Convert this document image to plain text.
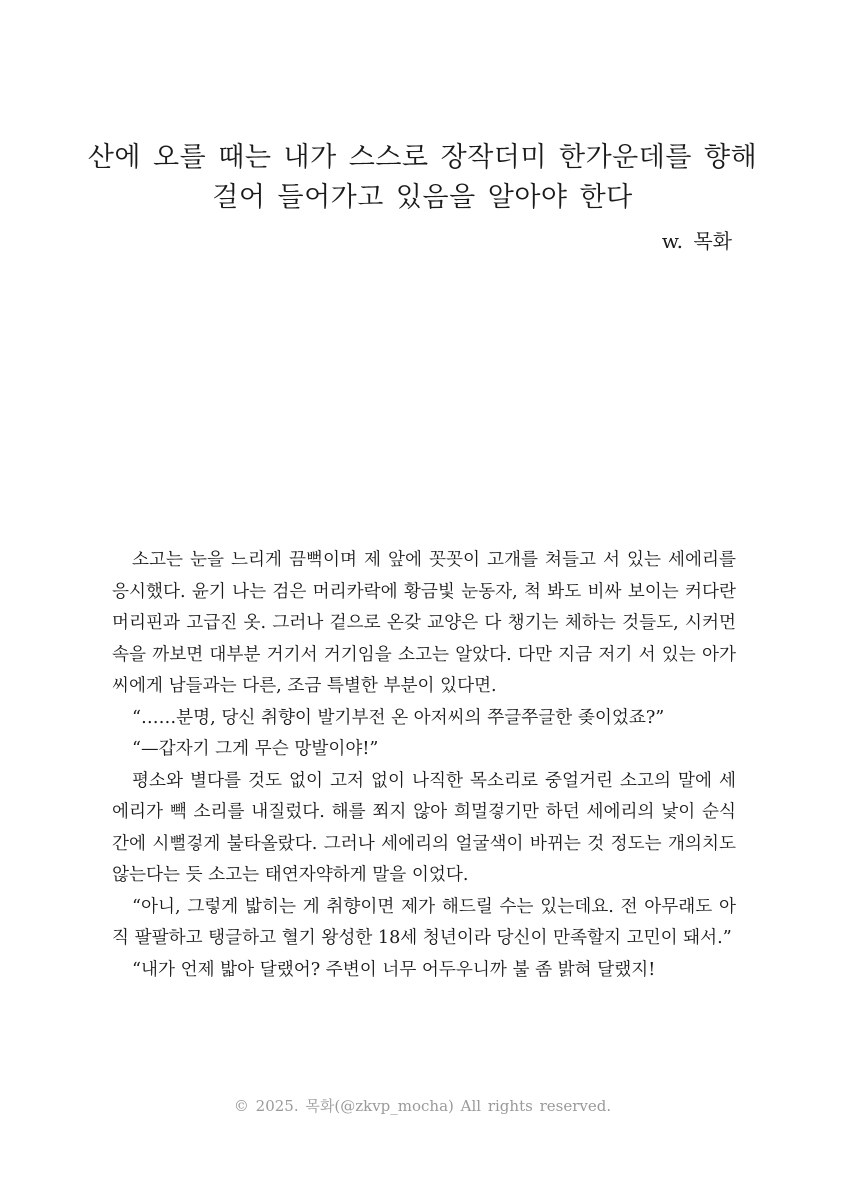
산에 오를 때는 내가 스스로 장작더미 한가운데를 향해
걸어 들어가고 있음을 알아야 한다
w. 목화

소고는 눈을 느리게 끔뻑이며 제 앞에 꼿꼿이 고개를 쳐들고 서 있는 세에리를 응시했다. 윤기 나는 검은 머리카락에 황금빛 눈동자, 척 봐도 비싸 보이는 커다란 머리핀과 고급진 옷. 그러나 겉으로 온갖 교양은 다 챙기는 체하는 것들도, 시커먼 속을 까보면 대부분 거기서 거기임을 소고는 알았다. 다만 지금 저기 서 있는 아가씨에게 남들과는 다른, 조금 특별한 부분이 있다면.

“……분명, 당신 취향이 발기부전 온 아저씨의 쭈글쭈글한 좆이었죠?”

“—갑자기 그게 무슨 망발이야!”

평소와 별다를 것도 없이 고저 없이 나직한 목소리로 중얼거린 소고의 말에 세에리가 빽 소리를 내질렀다. 해를 쬐지 않아 희멀겋기만 하던 세에리의 낯이 순식간에 시뻘겋게 불타올랐다. 그러나 세에리의 얼굴색이 바뀌는 것 정도는 개의치도 않는다는 듯 소고는 태연자약하게 말을 이었다.

“아니, 그렇게 밟히는 게 취향이면 제가 해드릴 수는 있는데요. 전 아무래도 아직 팔팔하고 탱글하고 혈기 왕성한 18세 청년이라 당신이 만족할지 고민이 돼서.”

“내가 언제 밟아 달랬어? 주변이 너무 어두우니까 불 좀 밝혀 달랬지!

© 2025. 목화(@zkvp_mocha) All rights reserved.
